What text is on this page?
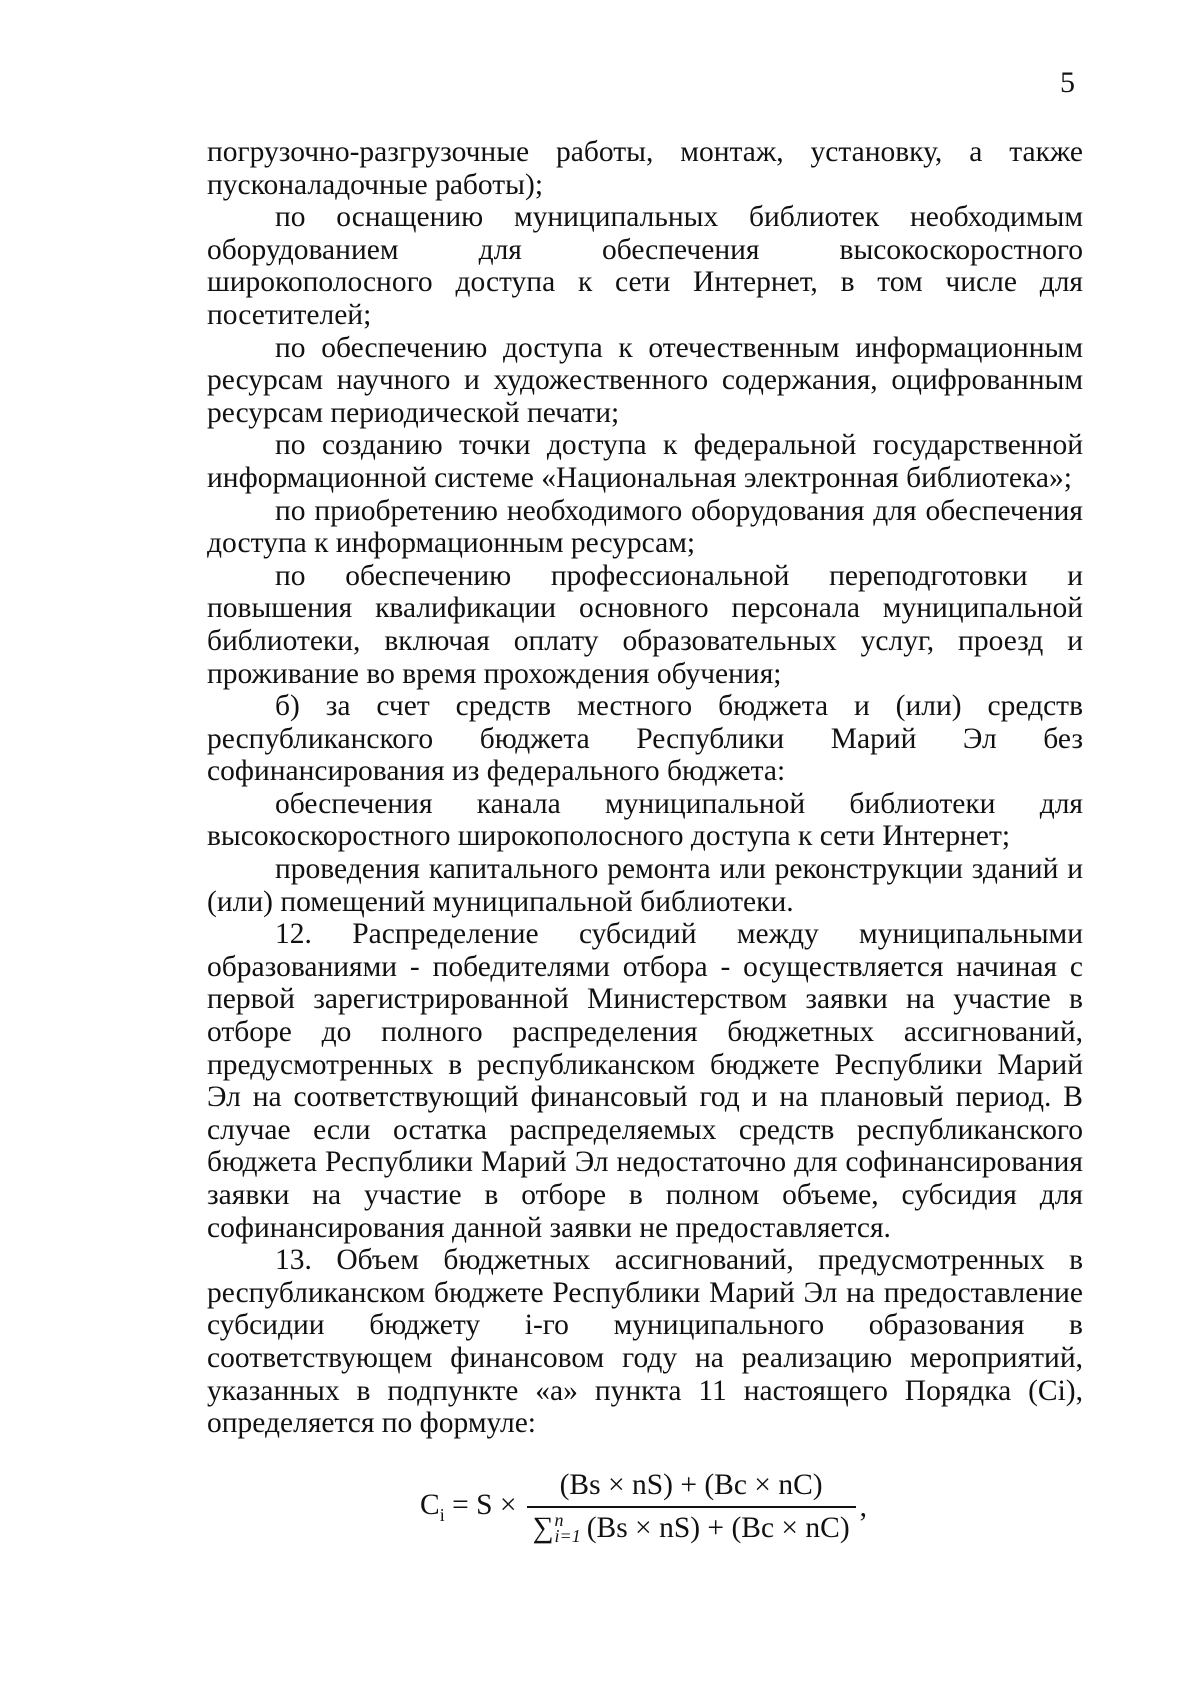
5

погрузочно-разгрузочные работы, монтаж, установку, а также пусконаладочные работы);

по оснащению муниципальных библиотек необходимым оборудованием для обеспечения высокоскоростного широкополосного доступа к сети Интернет, в том числе для посетителей;

по обеспечению доступа к отечественным информационным ресурсам научного и художественного содержания, оцифрованным ресурсам периодической печати;

по созданию точки доступа к федеральной государственной информационной системе «Национальная электронная библиотека»;

по приобретению необходимого оборудования для обеспечения доступа к информационным ресурсам;

по обеспечению профессиональной переподготовки и повышения квалификации основного персонала муниципальной библиотеки, включая оплату образовательных услуг, проезд и проживание во время прохождения обучения;

б) за счет средств местного бюджета и (или) средств республиканского бюджета Республики Марий Эл без софинансирования из федерального бюджета:

обеспечения канала муниципальной библиотеки для высокоскоростного широкополосного доступа к сети Интернет;

проведения капитального ремонта или реконструкции зданий и (или) помещений муниципальной библиотеки.

12. Распределение субсидий между муниципальными образованиями - победителями отбора - осуществляется начиная с первой зарегистрированной Министерством заявки на участие в отборе до полного распределения бюджетных ассигнований, предусмотренных в республиканском бюджете Республики Марий Эл на соответствующий финансовый год и на плановый период. В случае если остатка распределяемых средств республиканского бюджета Республики Марий Эл недостаточно для софинансирования заявки на участие в отборе в полном объеме, субсидия для софинансирования данной заявки не предоставляется.

13. Объем бюджетных ассигнований, предусмотренных в республиканском бюджете Республики Марий Эл на предоставление субсидии бюджету i-го муниципального образования в соответствующем финансовом году на реализацию мероприятий, указанных в подпункте «а» пункта 11 настоящего Порядка (Ci), определяется по формуле:

$C_i = S$ ×
(Bs × nS) + (Bc × nC)
∑ n
i=1 (Bs × nS) + (Bc × nC)
,
